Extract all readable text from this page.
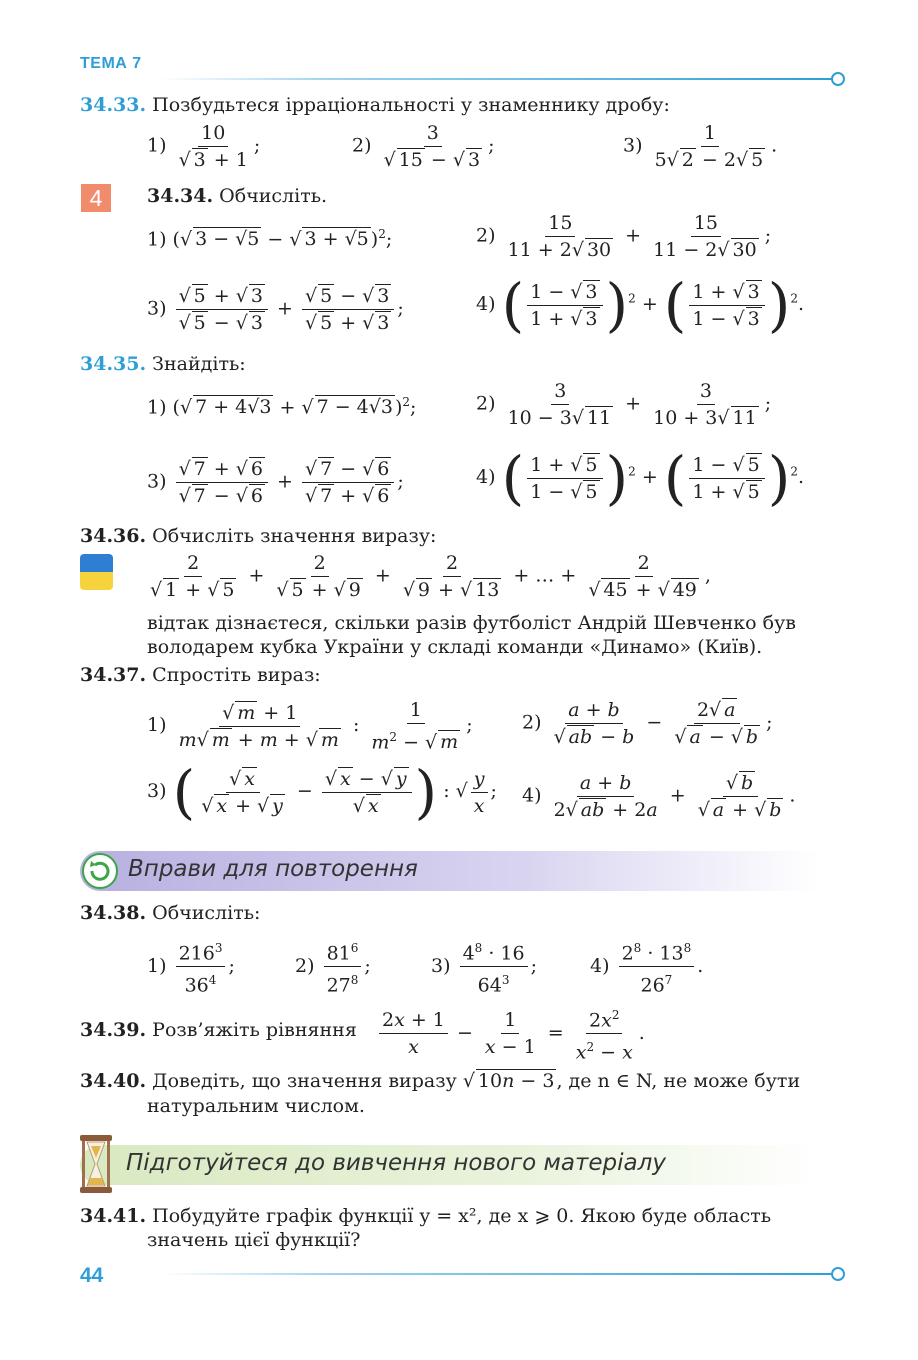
ТЕМА 7
34.33. Позбудьтеся ірраціональності у знаменнику дробу:
$1) \frac{10}{√ 3 + 1}$ ;	$2) \frac{3}{√ 15 - √ 3}$ ;	$3) \frac{1}{5√ 2 - 2√ 5}$ .
4	34.34. Обчисліть.
1) (√ 3 − √5 − √ 3 + √5 )$^2$;	$2) \frac{15}{11 + 2√ 30} + \frac{15}{11 - 2√ 30}$ ;
$3) \frac{√ 5 + √ 3}{√ 5 - √ 3} + \frac{√ 5 - √ 3}{√ 5 + √ 3}$ ;	4) ( $\frac{1 - √ 3}{1 + √ 3} )^2$ + ( $\frac{1 + √ 3}{1 - √ 3} )^2$.
34.35. Знайдіть:
1) (√ 7 + 4√3 + √ 7 − 4√3 )$^2$;	$2) \frac{3}{10 - 3√ 11} + \frac{3}{10 + 3√ 11}$ ;
$3) \frac{√ 7 + √ 6}{√ 7 - √ 6} + \frac{√ 7 - √ 6}{√ 7 + √ 6}$ ;	4) ( $\frac{1 + √ 5}{1 - √ 5} )^2$ + ( $\frac{1 - √ 5}{1 + √ 5} )^2$.
34.36. Обчисліть значення виразу:
$\frac{2}{√ 1 + √ 5} + \frac{2}{√ 5 + √ 9} + \frac{2}{√ 9 + √ 13}$ + … + $\frac{2}{√ 45 + √ 49}$ ,
відтак дізнаєтеся, скільки разів футболіст Андрій Шевченко був
володарем кубка України у складі команди «Динамо» (Київ).
34.37. Спростіть вираз:
$1) \frac{√ m + 1}{m√ m + m + √ m}$ : $\frac{1}{m^2 - √ m}$ ;	$2) \frac{a + b}{√ ab - b} - \frac{2√ a}{√ a - √ b}$ ;
3) ( $\frac{√ x}{√ x + √ y} - \frac{√ x - √ y}{√ x}$ ) : √ $\frac{y}{x}$ ; $4) \frac{a + b}{2√ ab + 2a} + \frac{√ b}{√ a + √ b}$ .
Вправи для повторення
34.38. Обчисліть:
$1) \frac{216^3}{36^4}$ ;	$2) \frac{81^6}{27^8}$ ;	$3) \frac{4^8 \cdot 16}{64^3}$ ;	$4) \frac{2^8 \cdot 13^8}{26^7}$ .
34.39. Розв’яжіть рівняння $\frac{2x + 1}{x} - \frac{1}{x - 1} = \frac{2x^2}{x^2 - x}$ .
34.40. Доведіть, що значення виразу √ 10n − 3 , де n ∈ N, не може бути
натуральним числом.
Підготуйтеся до вивчення нового матеріалу
34.41. Побудуйте графік функції y = x², де x ⩾ 0. Якою буде область
значень цієї функції?
44
